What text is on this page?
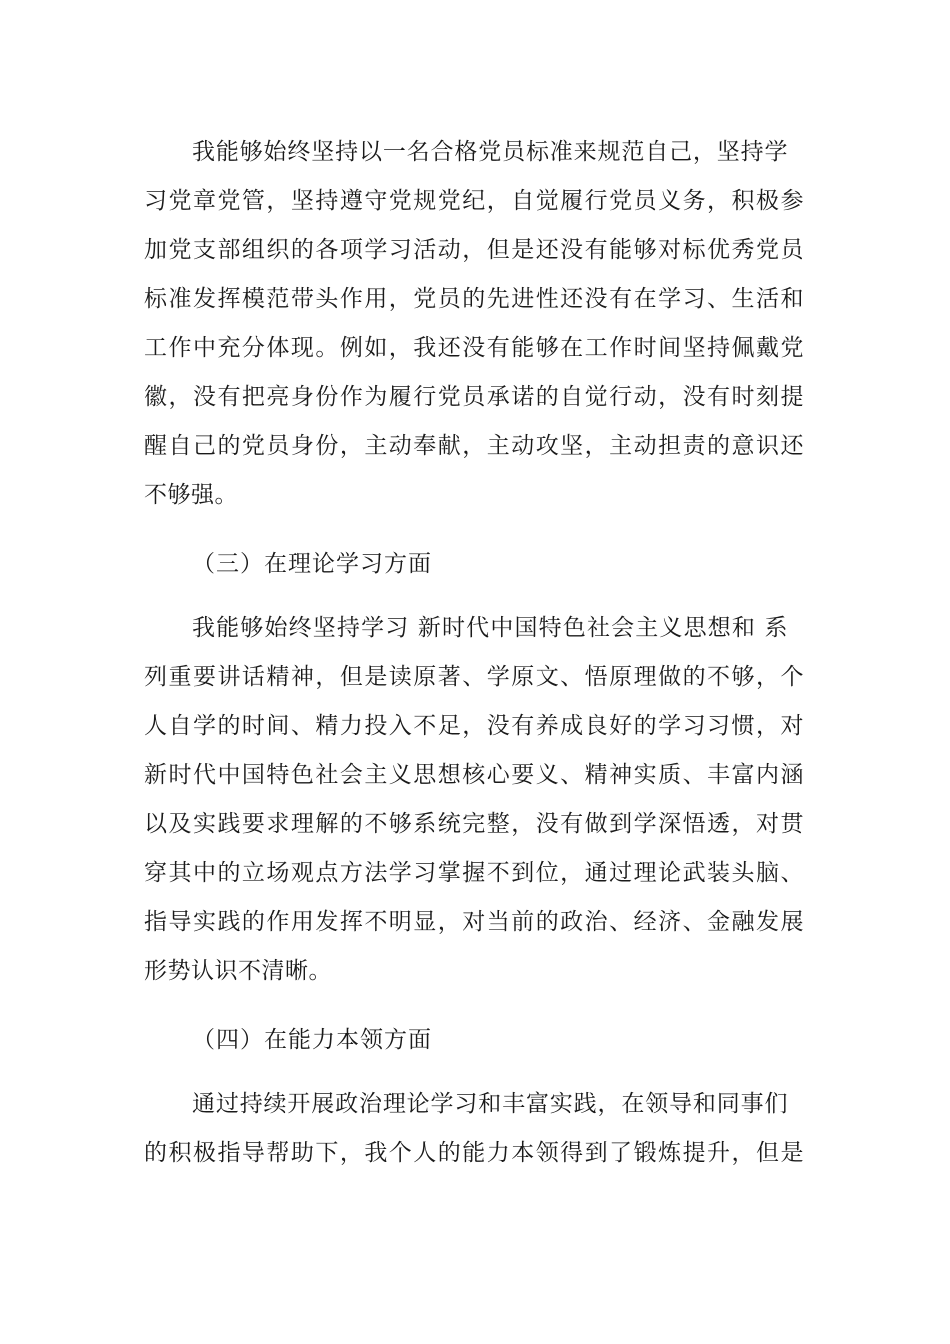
我能够始终坚持以一名合格党员标准来规范自己，坚持学
习党章党管，坚持遵守党规党纪，自觉履行党员义务，积极参
加党支部组织的各项学习活动，但是还没有能够对标优秀党员
标准发挥模范带头作用，党员的先进性还没有在学习、生活和
工作中充分体现。例如，我还没有能够在工作时间坚持佩戴党
徽，没有把亮身份作为履行党员承诺的自觉行动，没有时刻提
醒自己的党员身份，主动奉献，主动攻坚，主动担责的意识还
不够强。
（三）在理论学习方面
我能够始终坚持学习 新时代中国特色社会主义思想和 系
列重要讲话精神，但是读原著、学原文、悟原理做的不够，个
人自学的时间、精力投入不足，没有养成良好的学习习惯，对
新时代中国特色社会主义思想核心要义、精神实质、丰富内涵
以及实践要求理解的不够系统完整，没有做到学深悟透，对贯
穿其中的立场观点方法学习掌握不到位，通过理论武装头脑、
指导实践的作用发挥不明显，对当前的政治、经济、金融发展
形势认识不清晰。
（四）在能力本领方面
通过持续开展政治理论学习和丰富实践，在领导和同事们
的积极指导帮助下，我个人的能力本领得到了锻炼提升，但是
